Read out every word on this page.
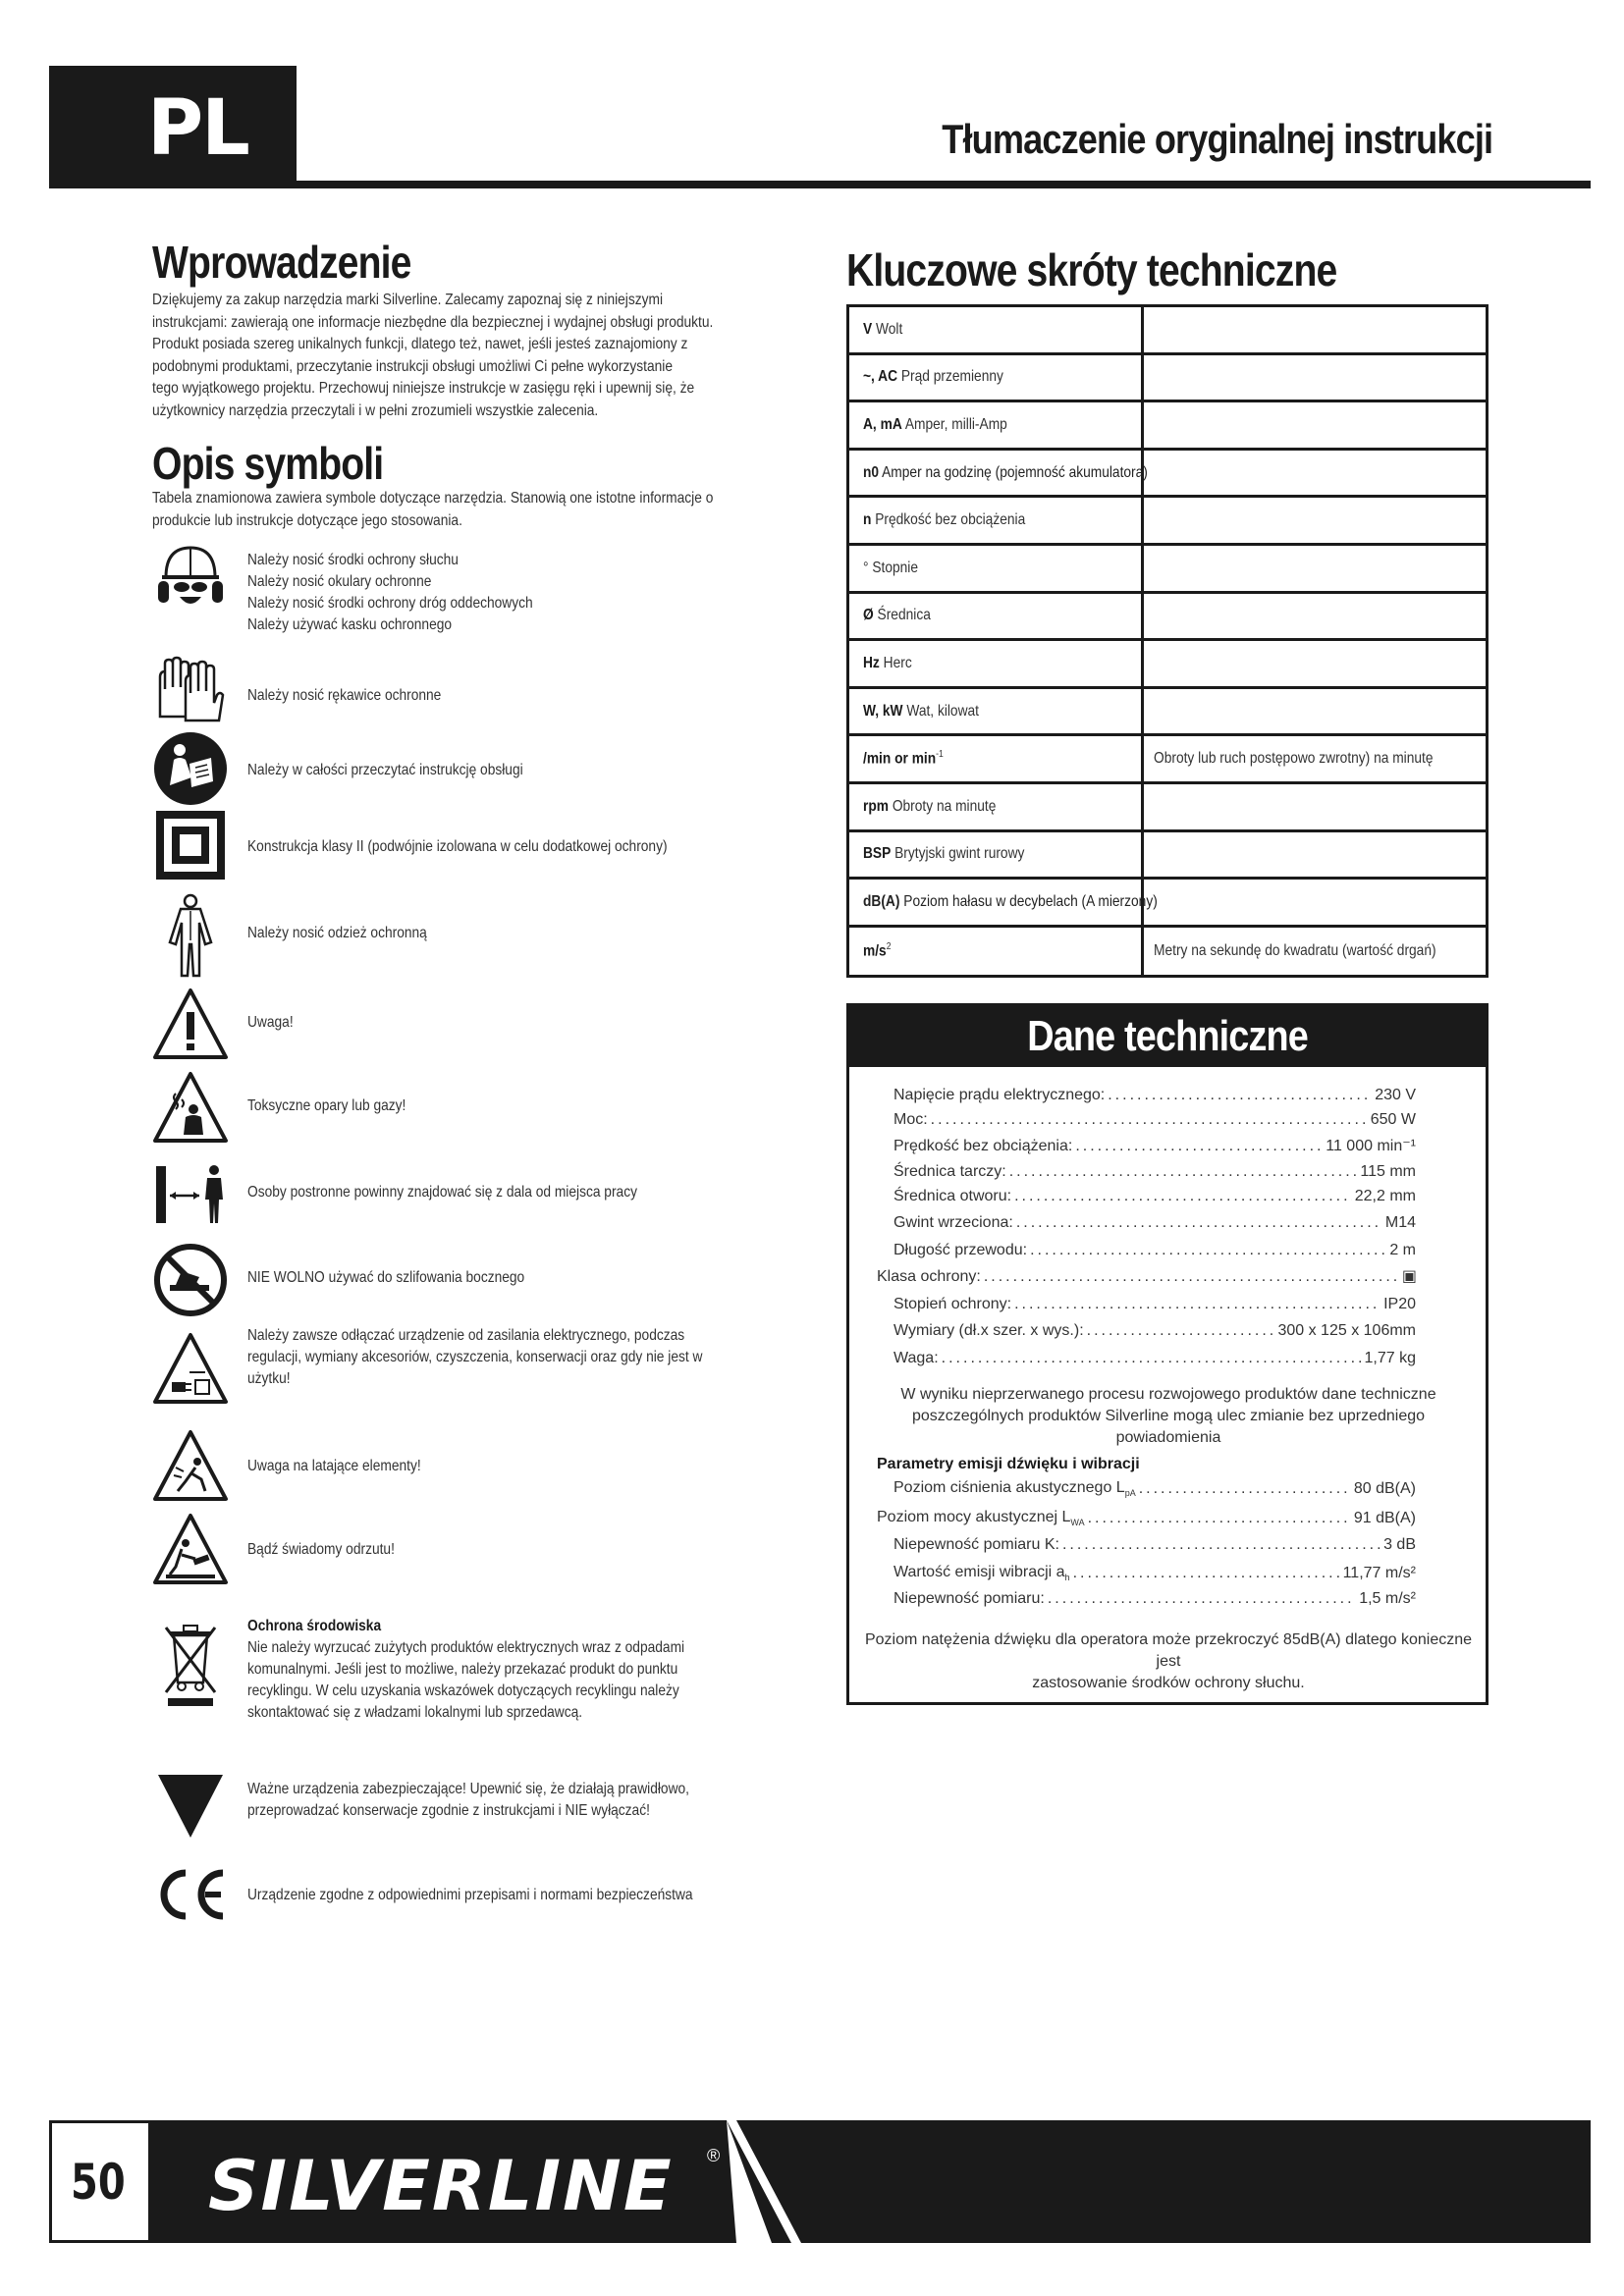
PL	Tłumaczenie oryginalnej instrukcji
Wprowadzenie
Dziękujemy za zakup narzędzia marki Silverline. Zalecamy zapoznaj się z niniejszymi
instrukcjami: zawierają one informacje niezbędne dla bezpiecznej i wydajnej obsługi produktu.
Produkt posiada szereg unikalnych funkcji, dlatego też, nawet, jeśli jesteś zaznajomiony z
podobnymi produktami, przeczytanie instrukcji obsługi umożliwi Ci pełne wykorzystanie
tego wyjątkowego projektu. Przechowuj niniejsze instrukcje w zasięgu ręki i upewnij się, że
użytkownicy narzędzia przeczytali i w pełni zrozumieli wszystkie zalecenia.
Opis symboli
Tabela znamionowa zawiera symbole dotyczące narzędzia. Stanowią one istotne informacje o
produkcie lub instrukcje dotyczące jego stosowania.
Należy nosić środki ochrony słuchu
Należy nosić okulary ochronne
Należy nosić środki ochrony dróg oddechowych
Należy używać kasku ochronnego
Należy nosić rękawice ochronne
Należy w całości przeczytać instrukcję obsługi
Konstrukcja klasy II (podwójnie izolowana w celu dodatkowej ochrony)
Należy nosić odzież ochronną
Uwaga!
Toksyczne opary lub gazy!
Osoby postronne powinny znajdować się z dala od miejsca pracy
NIE WOLNO używać do szlifowania bocznego
Należy zawsze odłączać urządzenie od zasilania elektrycznego, podczas
regulacji, wymiany akcesoriów, czyszczenia, konserwacji oraz gdy nie jest w
użytku!
Uwaga na latające elementy!
Bądź świadomy odrzutu!
Ochrona środowiska
Nie należy wyrzucać zużytych produktów elektrycznych wraz z odpadami
komunalnymi. Jeśli jest to możliwe, należy przekazać produkt do punktu
recyklingu. W celu uzyskania wskazówek dotyczących recyklingu należy
skontaktować się z władzami lokalnymi lub sprzedawcą.
Ważne urządzenia zabezpieczające! Upewnić się, że działają prawidłowo,
przeprowadzać konserwacje zgodnie z instrukcjami i NIE wyłączać!
Urządzenie zgodne z odpowiednimi przepisami i normami bezpieczeństwa
Kluczowe skróty techniczne
V Wolt
~, AC Prąd przemienny
A, mA Amper, milli-Amp
n0 Amper na godzinę (pojemność akumulatora)
n Prędkość bez obciążenia
° Stopnie
Ø Średnica
Hz Herc
W, kW Wat, kilowat
/min or $\min^{-1}$	Obroty lub ruch postępowo zwrotny) na minutę
rpm Obroty na minutę
BSP Brytyjski gwint rurowy
dB(A) Poziom hałasu w decybelach (A mierzony)
$m/s^2$	Metry na sekundę do kwadratu (wartość drgań)
Dane techniczne
Napięcie prądu elektrycznego: .....	230 V
Moc: .....	650 W
Prędkość bez obciążenia: .....	11 000 min⁻¹
Średnica tarczy: .....	115 mm
Średnica otworu: .....	22,2 mm
Gwint wrzeciona: .....	M14
Długość przewodu: .....	2 m
Klasa ochrony: .....	▣
Stopień ochrony: .....	IP20
Wymiary (dł.x szer. x wys.): .....	300 x 125 x 106mm
Waga: .....	1,77 kg
W wyniku nieprzerwanego procesu rozwojowego produktów dane techniczne
poszczególnych produktów Silverline mogą ulec zmianie bez uprzedniego powiadomienia
Parametry emisji dźwięku i wibracji
Poziom ciśnienia akustycznego $L_{pA}$ .....	80 dB(A)
Poziom mocy akustycznej $L_{WA}$ .....	91 dB(A)
Niepewność pomiaru K: .....	3 dB
Wartość emisji wibracji $a_h$ .....	11,77 m/s²
Niepewność pomiaru: .....	1,5 m/s²
Poziom natężenia dźwięku dla operatora może przekroczyć 85dB(A) dlatego konieczne jest
zastosowanie środków ochrony słuchu.
50 SILVERLINE ®
